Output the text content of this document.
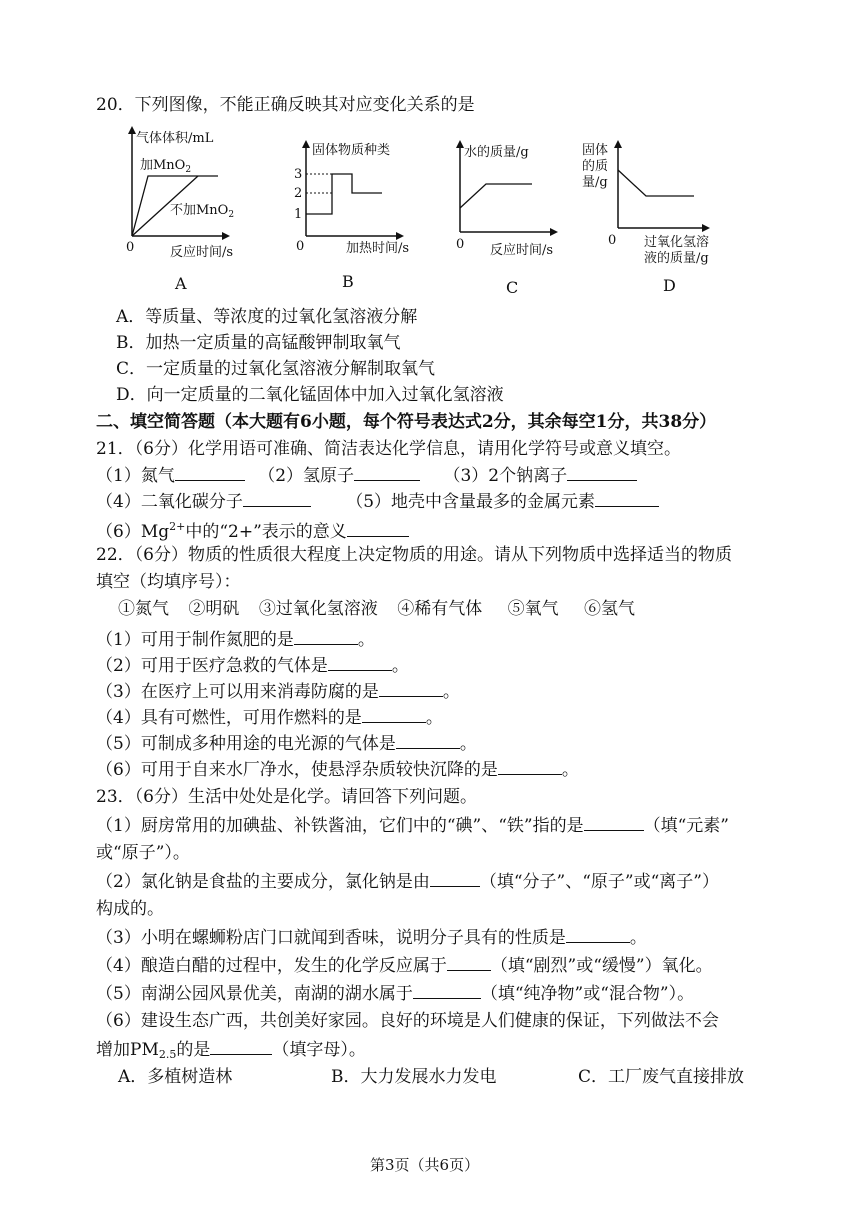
20．下列图像，不能正确反映其对应变化关系的是
气体体积/mL
加MnO$_2$
不加MnO$_2$
0	反应时间/s
A
固体物质种类
3
2
1
0	加热时间/s
B
水的质量/g
0 反应时间/s
C
固体
的质
量/g
0 过氧化氢溶
液的质量/g
D
A．等质量、等浓度的过氧化氢溶液分解
B．加热一定质量的高锰酸钾制取氧气
C．一定质量的过氧化氢溶液分解制取氧气
D．向一定质量的二氧化锰固体中加入过氧化氢溶液
二、填空简答题（本大题有6小题，每个符号表达式2分，其余每空1分，共38分）
21．（6分）化学用语可准确、简洁表达化学信息，请用化学符号或意义填空。
（1）氮气	（2）氢原子	（3）2个钠离子
（4）二氧化碳分子	（5）地壳中含量最多的金属元素
$(6)Mg^{2+}$中的“2+”表示的意义
22．（6分）物质的性质很大程度上决定物质的用途。请从下列物质中选择适当的物质
填空（均填序号）：
①氮气 ②明矾 ③过氧化氢溶液 ④稀有气体 ⑤氧气 ⑥氢气
（1）可用于制作氮肥的是	。
（2）可用于医疗急救的气体是	。
（3）在医疗上可以用来消毒防腐的是	。
（4）具有可燃性，可用作燃料的是	。
（5）可制成多种用途的电光源的气体是	。
（6）可用于自来水厂净水，使悬浮杂质较快沉降的是	。
23．（6分）生活中处处是化学。请回答下列问题。
（1）厨房常用的加碘盐、补铁酱油，它们中的“碘”、“铁”指的是	（填“元素”
或“原子”）。
（2）氯化钠是食盐的主要成分，氯化钠是由	（填“分子”、“原子”或“离子”）
构成的。
（3）小明在螺蛳粉店门口就闻到香味，说明分子具有的性质是	。
（4）酿造白醋的过程中，发生的化学反应属于	（填“剧烈”或“缓慢”）氧化。
（5）南湖公园风景优美，南湖的湖水属于	（填“纯净物”或“混合物”）。
（6）建设生态广西，共创美好家园。良好的环境是人们健康的保证，下列做法不会
增加$PM_{2.5}$的是	（填字母）。
A．多植树造林	B．大力发展水力发电	C．工厂废气直接排放
第3页（共6页）
